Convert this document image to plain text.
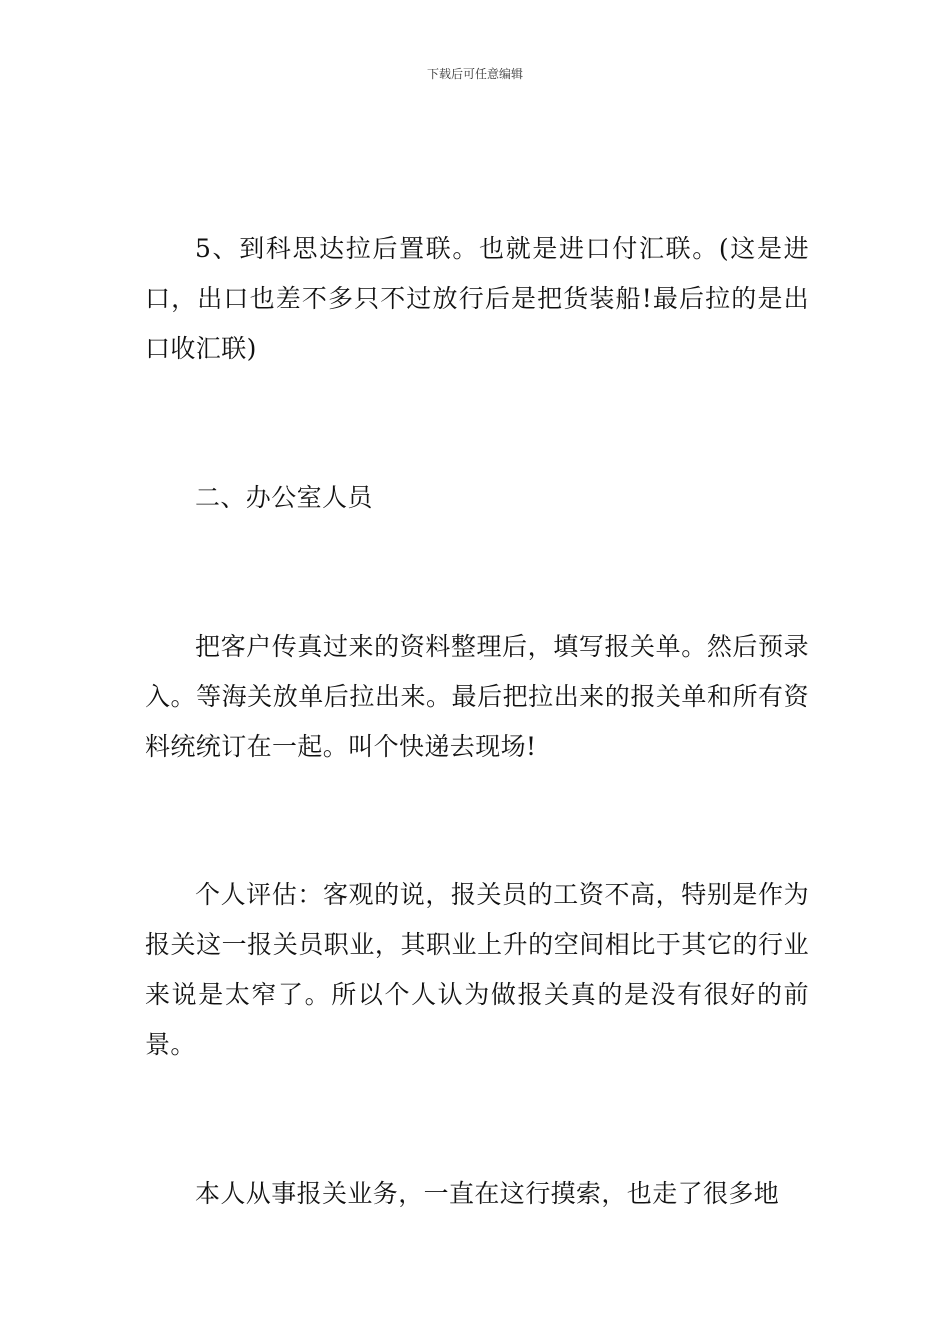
下载后可任意编辑

5、到科思达拉后置联。也就是进口付汇联。(这是进口，出口也差不多只不过放行后是把货装船!最后拉的是出口收汇联)

二、办公室人员

把客户传真过来的资料整理后，填写报关单。然后预录入。等海关放单后拉出来。最后把拉出来的报关单和所有资料统统订在一起。叫个快递去现场!

个人评估：客观的说，报关员的工资不高，特别是作为报关这一报关员职业，其职业上升的空间相比于其它的行业来说是太窄了。所以个人认为做报关真的是没有很好的前景。

本人从事报关业务，一直在这行摸索，也走了很多地
